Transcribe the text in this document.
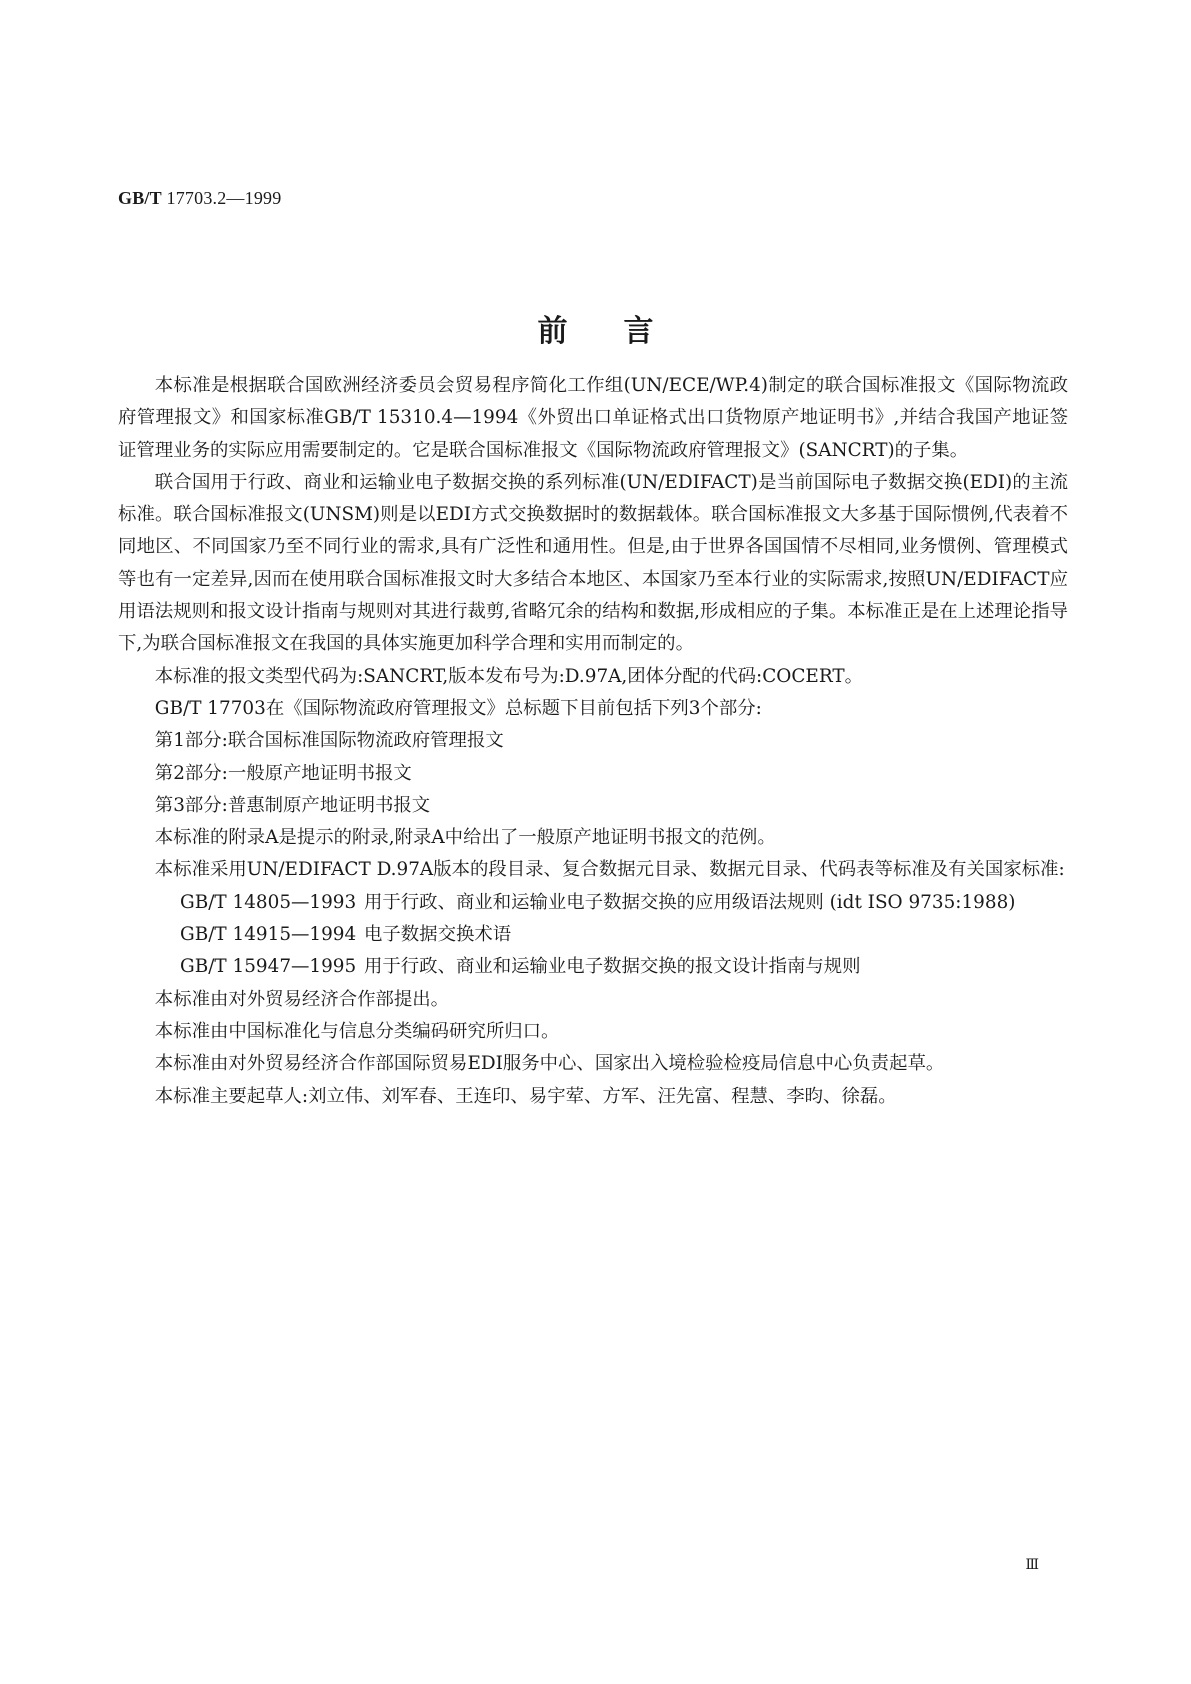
GB/T 17703.2—1999
前言

本标准是根据联合国欧洲经济委员会贸易程序简化工作组(UN/ECE/WP.4)制定的联合国标准报文《国际物流政府管理报文》和国家标准GB/T 15310.4—1994《外贸出口单证格式出口货物原产地证明书》,并结合我国产地证签证管理业务的实际应用需要制定的。它是联合国标准报文《国际物流政府管理报文》(SANCRT)的子集。

联合国用于行政、商业和运输业电子数据交换的系列标准(UN/EDIFACT)是当前国际电子数据交换(EDI)的主流标准。联合国标准报文(UNSM)则是以EDI方式交换数据时的数据载体。联合国标准报文大多基于国际惯例,代表着不同地区、不同国家乃至不同行业的需求,具有广泛性和通用性。但是,由于世界各国国情不尽相同,业务惯例、管理模式等也有一定差异,因而在使用联合国标准报文时大多结合本地区、本国家乃至本行业的实际需求,按照UN/EDIFACT应用语法规则和报文设计指南与规则对其进行裁剪,省略冗余的结构和数据,形成相应的子集。本标准正是在上述理论指导下,为联合国标准报文在我国的具体实施更加科学合理和实用而制定的。

本标准的报文类型代码为:SANCRT,版本发布号为:D.97A,团体分配的代码:COCERT。

GB/T 17703在《国际物流政府管理报文》总标题下目前包括下列3个部分:

第1部分:联合国标准国际物流政府管理报文

第2部分:一般原产地证明书报文

第3部分:普惠制原产地证明书报文

本标准的附录A是提示的附录,附录A中给出了一般原产地证明书报文的范例。

本标准采用UN/EDIFACT D.97A版本的段目录、复合数据元目录、数据元目录、代码表等标准及有关国家标准:

GB/T 14805—1993 用于行政、商业和运输业电子数据交换的应用级语法规则 (idt ISO 9735:1988)
GB/T 14915—1994 电子数据交换术语
GB/T 15947—1995 用于行政、商业和运输业电子数据交换的报文设计指南与规则

本标准由对外贸易经济合作部提出。

本标准由中国标准化与信息分类编码研究所归口。

本标准由对外贸易经济合作部国际贸易EDI服务中心、国家出入境检验检疫局信息中心负责起草。

本标准主要起草人:刘立伟、刘军春、王连印、易宇荤、方军、汪先富、程慧、李昀、徐磊。

Ⅲ
